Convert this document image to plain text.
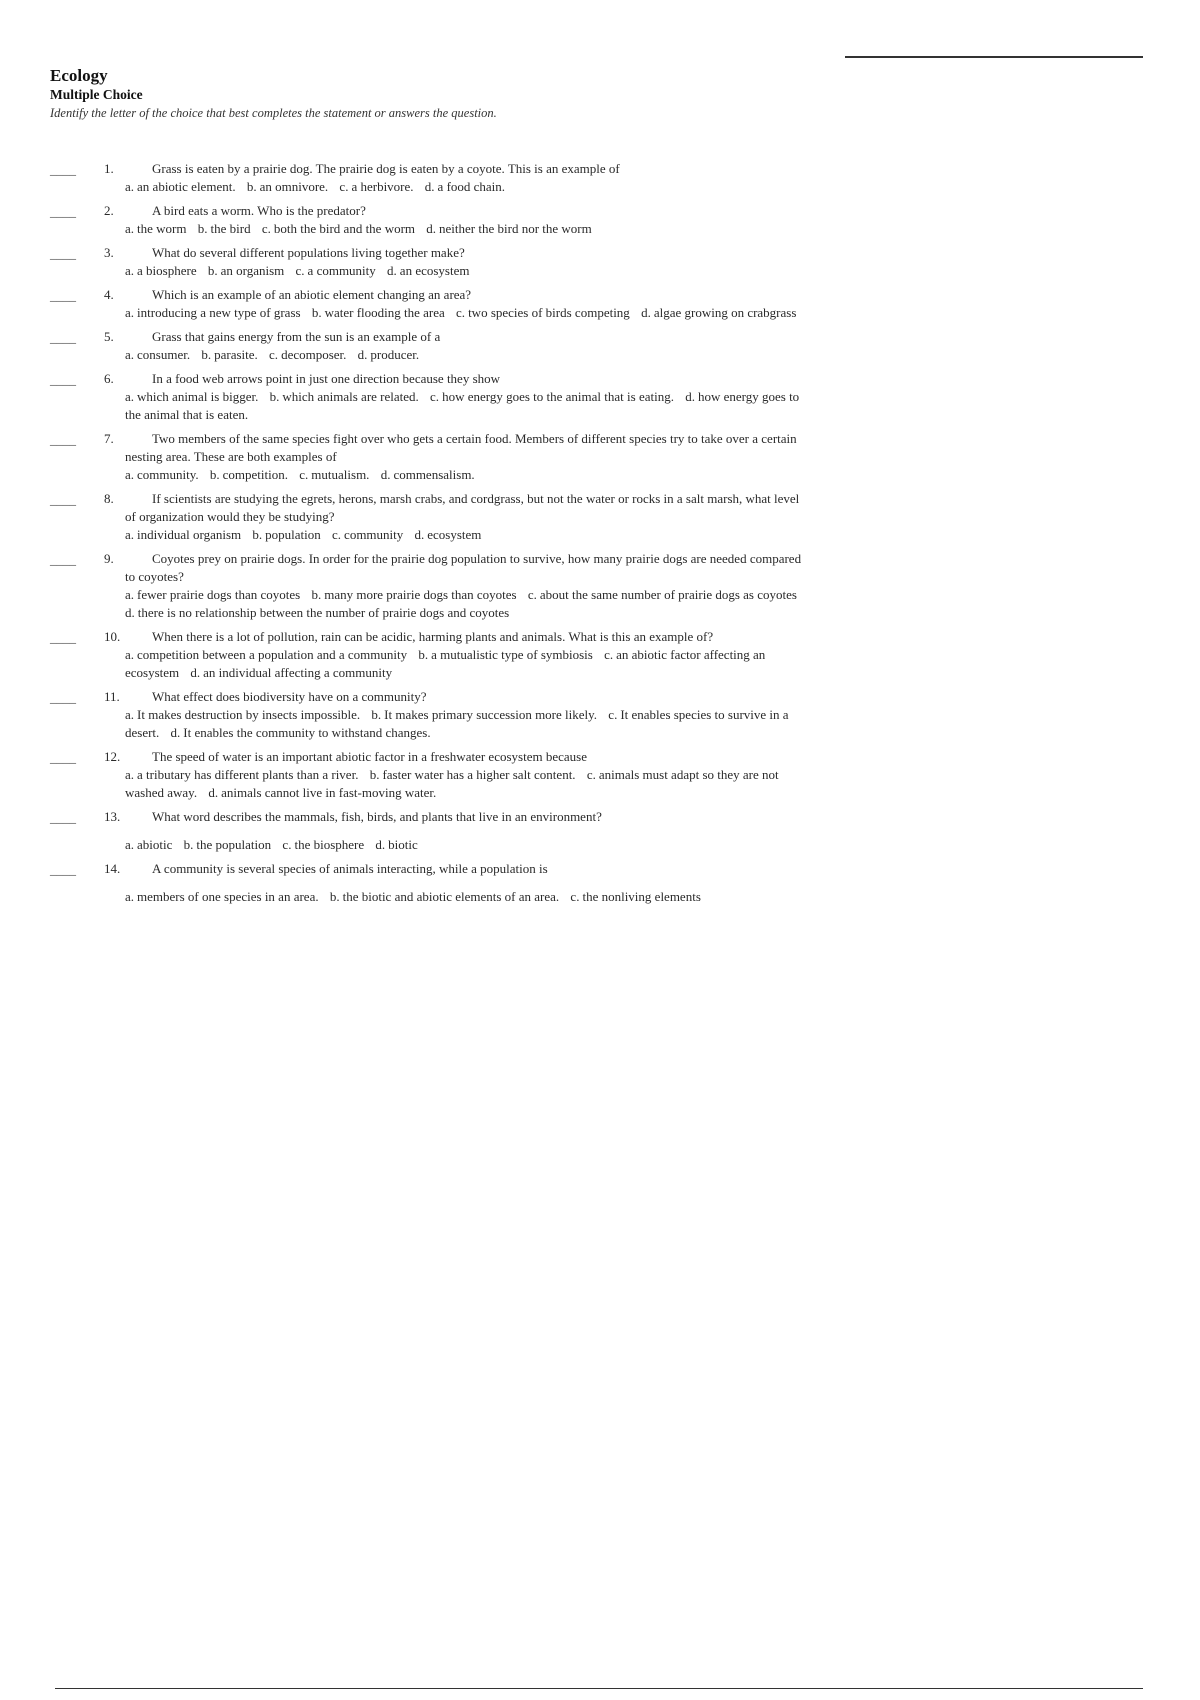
Ecology
Multiple Choice
Identify the letter of the choice that best completes the statement or answers the question.
____ 1.	Grass is eaten by a prairie dog. The prairie dog is eaten by a coyote. This is an example of
a. an abiotic element. b. an omnivore. c. a herbivore. d. a food chain.
____ 2.	A bird eats a worm. Who is the predator?
a. the worm b. the bird c. both the bird and the worm d. neither the bird nor the worm
____ 3.	What do several different populations living together make?
a. a biosphere b. an organism c. a community d. an ecosystem
____ 4.	Which is an example of an abiotic element changing an area?
a. introducing a new type of grass b. water flooding the area c. two species of birds competing d. algae growing on crabgrass
____ 5.	Grass that gains energy from the sun is an example of a
a. consumer. b. parasite. c. decomposer. d. producer.
____ 6.	In a food web arrows point in just one direction because they show
a. which animal is bigger. b. which animals are related. c. how energy goes to the animal that is eating. d. how energy goes to the animal that is eaten.
____ 7.	Two members of the same species fight over who gets a certain food. Members of different species try to take over a certain nesting area. These are both examples of
a. community. b. competition. c. mutualism. d. commensalism.
____ 8.	If scientists are studying the egrets, herons, marsh crabs, and cordgrass, but not the water or rocks in a salt marsh, what level of organization would they be studying?
a. individual organism b. population c. community d. ecosystem
____ 9.	Coyotes prey on prairie dogs. In order for the prairie dog population to survive, how many prairie dogs are needed compared to coyotes?
a. fewer prairie dogs than coyotes b. many more prairie dogs than coyotes c. about the same number of prairie dogs as coyotes d. there is no relationship between the number of prairie dogs and coyotes
____ 10.	When there is a lot of pollution, rain can be acidic, harming plants and animals. What is this an example of?
a. competition between a population and a community b. a mutualistic type of symbiosis c. an abiotic factor affecting an ecosystem d. an individual affecting a community
____ 11.	What effect does biodiversity have on a community?
a. It makes destruction by insects impossible. b. It makes primary succession more likely. c. It enables species to survive in a desert. d. It enables the community to withstand changes.
____ 12.	The speed of water is an important abiotic factor in a freshwater ecosystem because
a. a tributary has different plants than a river. b. faster water has a higher salt content. c. animals must adapt so they are not washed away. d. animals cannot live in fast-moving water.
____ 13.	What word describes the mammals, fish, birds, and plants that live in an environment?
a. abiotic b. the population c. the biosphere d. biotic
____ 14.	A community is several species of animals interacting, while a population is
a. members of one species in an area. b. the biotic and abiotic elements of an area. c. the nonliving elements
